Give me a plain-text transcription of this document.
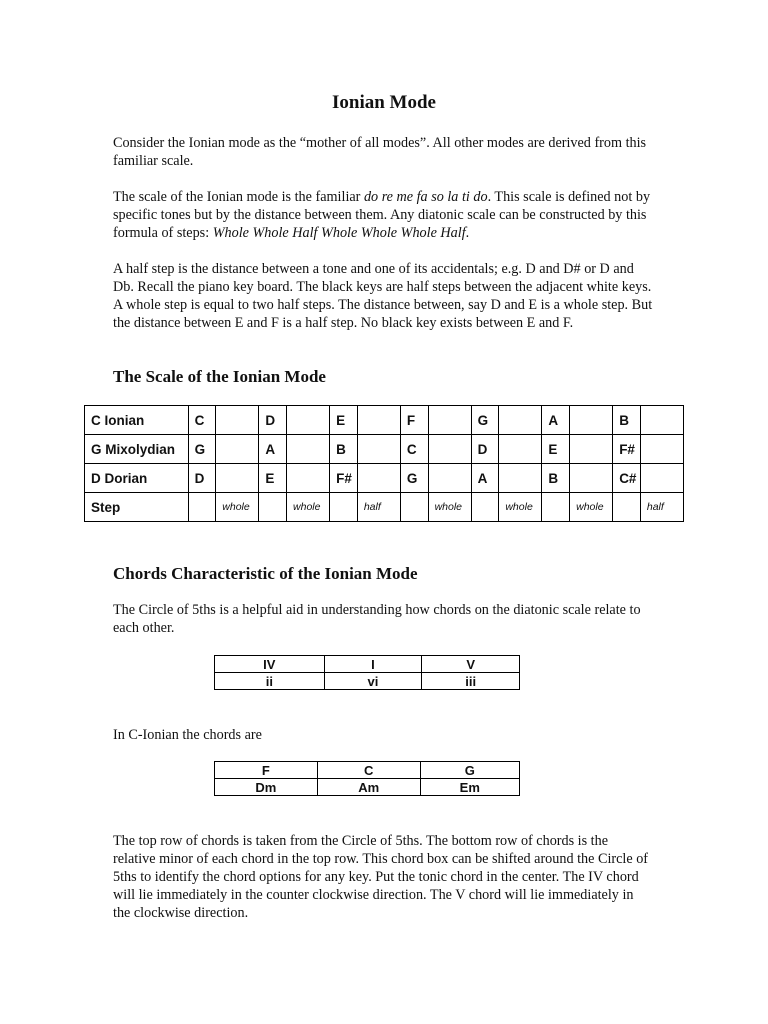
Ionian Mode

Consider the Ionian mode as the “mother of all modes”. All other modes are derived from this familiar scale.

The scale of the Ionian mode is the familiar do re me fa so la ti do. This scale is defined not by specific tones but by the distance between them. Any diatonic scale can be constructed by this formula of steps: Whole Whole Half Whole Whole Whole Half.

A half step is the distance between a tone and one of its accidentals; e.g. D and D# or D and Db. Recall the piano key board. The black keys are half steps between the adjacent white keys. A whole step is equal to two half steps. The distance between, say D and E is a whole step. But the distance between E and F is a half step. No black key exists between E and F.

The Scale of the Ionian Mode
C Ionian	C		D		E		F		G		A		B	
G Mixolydian	G		A		B		C		D		E		F#	
D Dorian	D		E		F#		G		A		B		C#	
Step		whole		whole		half		whole		whole		whole		half
Chords Characteristic of the Ionian Mode

The Circle of 5ths is a helpful aid in understanding how chords on the diatonic scale relate to each other.

IV	I	V
ii	vi	iii

In C-Ionian the chords are

F	C	G
Dm	Am	Em

The top row of chords is taken from the Circle of 5ths. The bottom row of chords is the relative minor of each chord in the top row. This chord box can be shifted around the Circle of 5ths to identify the chord options for any key. Put the tonic chord in the center. The IV chord will lie immediately in the counter clockwise direction. The V chord will lie immediately in the clockwise direction.
